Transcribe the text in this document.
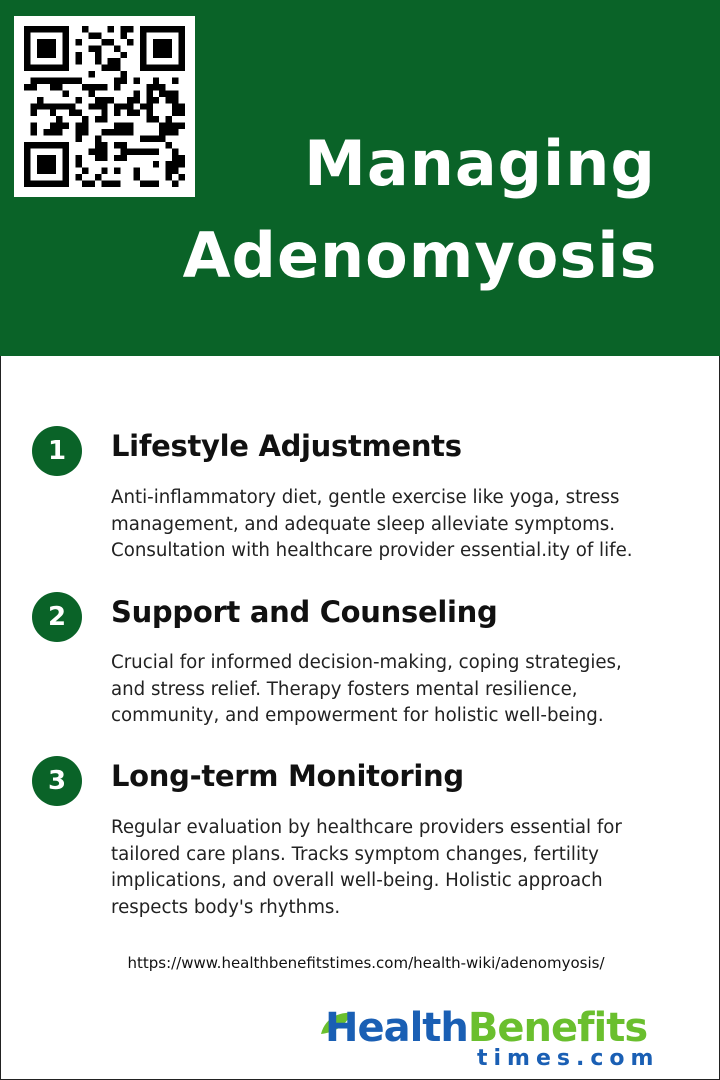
Managing
Adenomyosis
1	Lifestyle Adjustments
Anti-inflammatory diet, gentle exercise like yoga, stress
management, and adequate sleep alleviate symptoms.
Consultation with healthcare provider essential.ity of life.
2	Support and Counseling
Crucial for informed decision-making, coping strategies,
and stress relief. Therapy fosters mental resilience,
community, and empowerment for holistic well-being.
3	Long-term Monitoring
Regular evaluation by healthcare providers essential for
tailored care plans. Tracks symptom changes, fertility
implications, and overall well-being. Holistic approach
respects body's rhythms.
https://www.healthbenefitstimes.com/health-wiki/adenomyosis/
HealthBenefits
times.com
